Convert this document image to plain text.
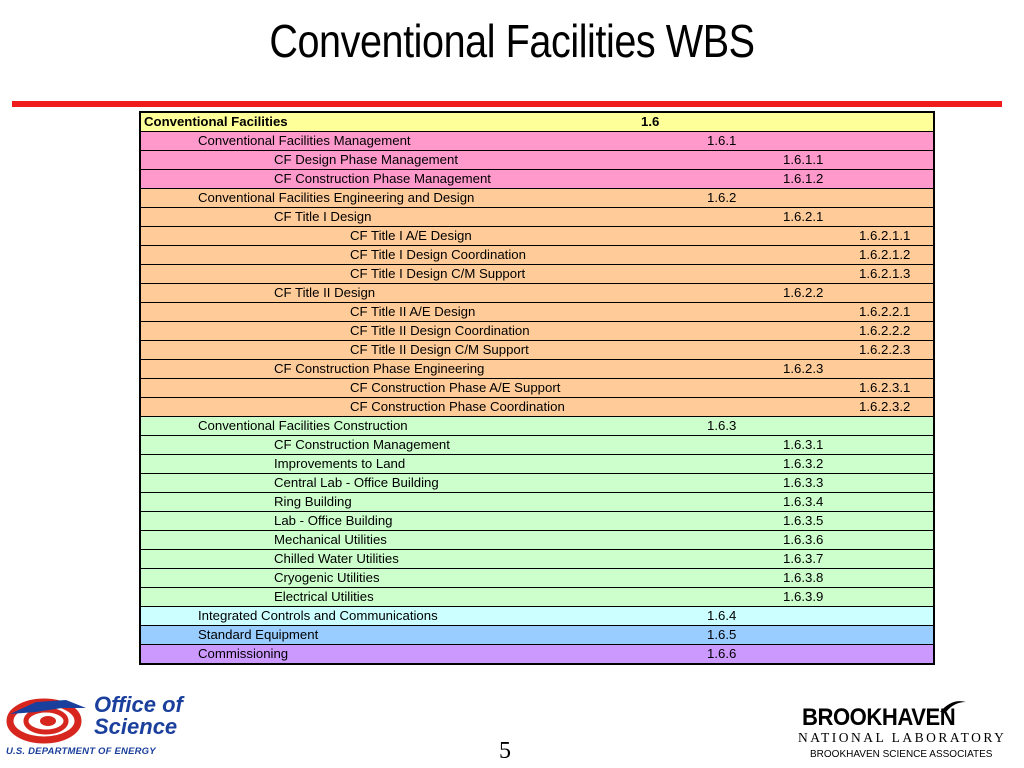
Conventional Facilities WBS
Conventional Facilities 1.6				

Conventional Facilities Management		1.6.1		
CF Design Phase Management			1.6.1.1	
CF Construction Phase Management			1.6.1.2	
Conventional Facilities Engineering and Design		1.6.2		
CF Title I Design			1.6.2.1	
CF Title I A/E Design				1.6.2.1.1
CF Title I Design Coordination				1.6.2.1.2
CF Title I Design C/M Support				1.6.2.1.3
CF Title II Design			1.6.2.2	
CF Title II A/E Design				1.6.2.2.1
CF Title II Design Coordination				1.6.2.2.2
CF Title II Design C/M Support				1.6.2.2.3
CF Construction Phase Engineering			1.6.2.3	
CF Construction Phase A/E Support				1.6.2.3.1
CF Construction Phase Coordination				1.6.2.3.2
Conventional Facilities Construction		1.6.3		
CF Construction Management			1.6.3.1	
Improvements to Land			1.6.3.2	
Central Lab - Office Building			1.6.3.3	
Ring Building			1.6.3.4	
Lab - Office Building			1.6.3.5	
Mechanical Utilities			1.6.3.6	
Chilled Water Utilities			1.6.3.7	
Cryogenic Utilities			1.6.3.8	
Electrical Utilities			1.6.3.9	
Integrated Controls and Communications		1.6.4		
Standard Equipment		1.6.5		
Commissioning		1.6.6		
Office of
Science
U.S. DEPARTMENT OF ENERGY	5
BROOKHAVEN
NATIONAL LABORATORY
BROOKHAVEN SCIENCE ASSOCIATES
